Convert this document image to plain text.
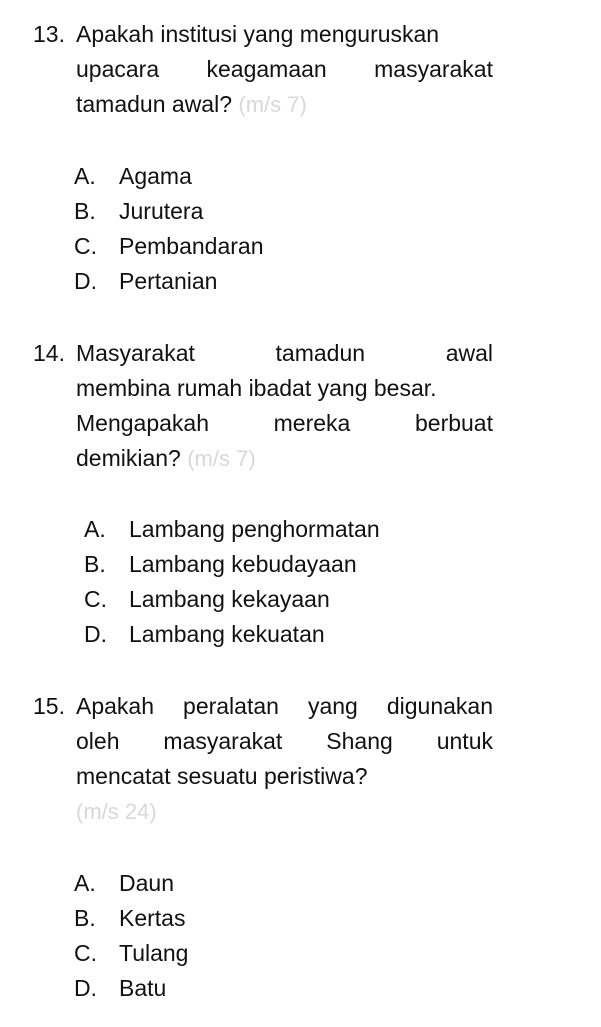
13. Apakah institusi yang menguruskan
upacara keagamaan masyarakat
tamadun awal? (m/s 7)
A.	Agama
B.	Jurutera
C. Pembandaran
D. Pertanian
14. Masyarakat tamadun awal
membina rumah ibadat yang besar.
Mengapakah mereka berbuat
demikian? (m/s 7)
A.	Lambang penghormatan
B.	Lambang kebudayaan
C. Lambang kekayaan
D. Lambang kekuatan
15. Apakah peralatan yang digunakan
oleh masyarakat Shang untuk
mencatat sesuatu peristiwa?
(m/s 24)
A.	Daun
B.	Kertas
C. Tulang
D. Batu
